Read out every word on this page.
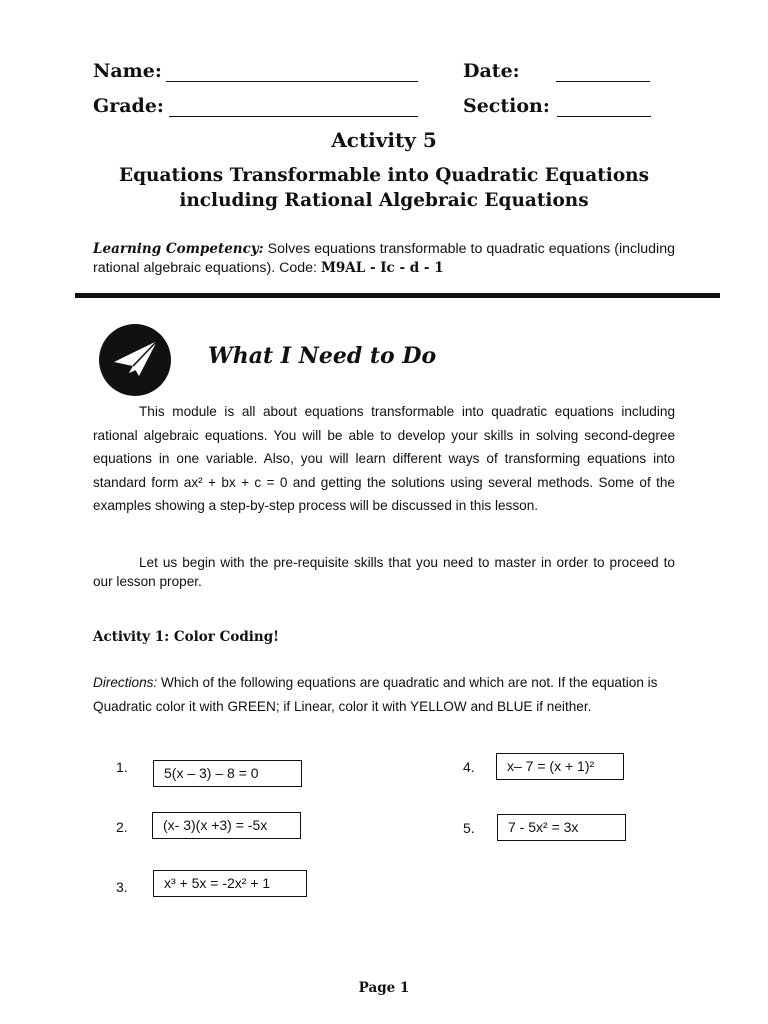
Name:	Date:
Grade:	Section:
Activity 5
Equations Transformable into Quadratic Equations
including Rational Algebraic Equations
Learning Competency: Solves equations transformable to quadratic equations (including rational algebraic equations). Code: M9AL - Ic - d - 1
What I Need to Do
This module is all about equations transformable into quadratic equations including rational algebraic equations. You will be able to develop your skills in solving second-degree equations in one variable. Also, you will learn different ways of transforming equations into standard form ax² + bx + c = 0 and getting the solutions using several methods. Some of the examples showing a step-by-step process will be discussed in this lesson.
Let us begin with the pre-requisite skills that you need to master in order to proceed to our lesson proper.
Activity 1: Color Coding!
Directions: Which of the following equations are quadratic and which are not. If the equation is Quadratic color it with GREEN; if Linear, color it with YELLOW and BLUE if neither.
1.	5(x – 3) – 8 = 0
2.	(x- 3)(x +3) = -5x
3.	x³ + 5x = -2x² + 1
4.	x– 7 = (x + 1)²
5.	7 - 5x² = 3x
Page 1
